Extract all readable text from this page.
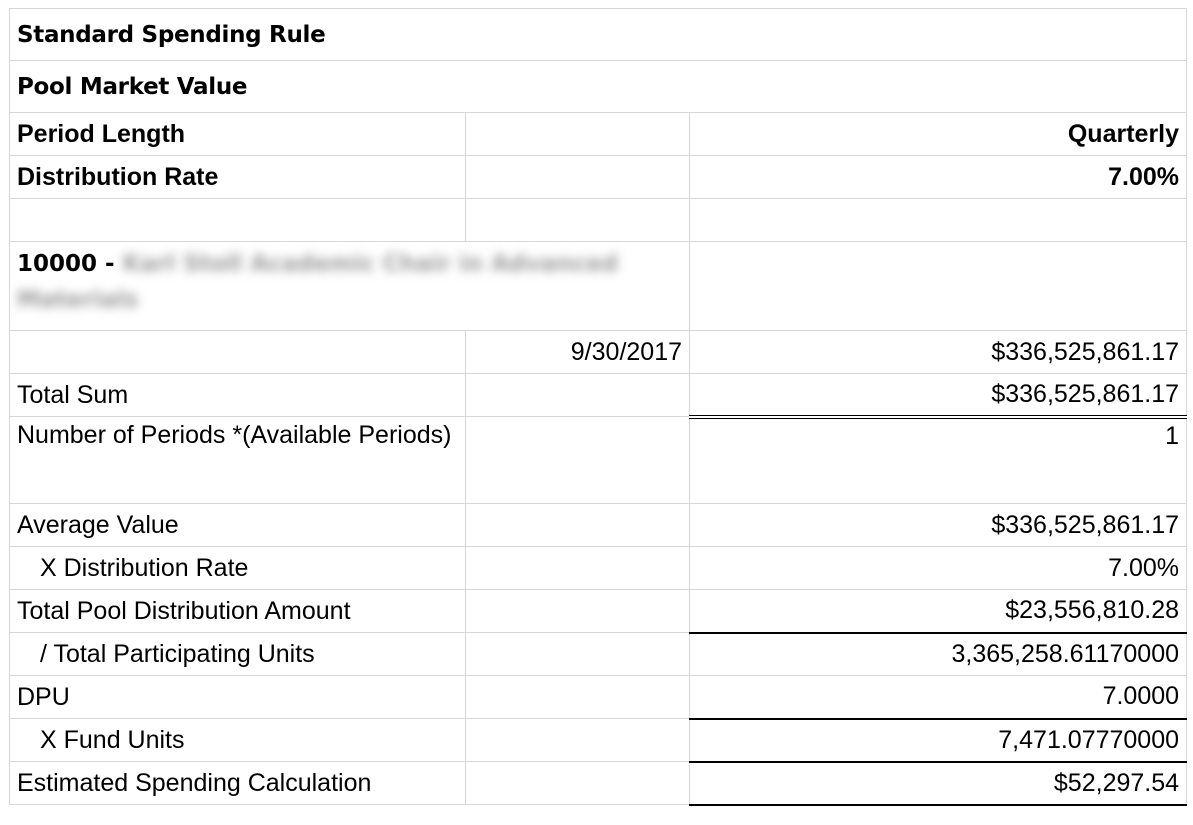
Standard Spending Rule		
Pool Market Value		
Period Length		Quarterly
Distribution Rate		7.00%

10000 - Karl Stoll Academic Chair in Advanced
Materials		
	9/30/2017	$336,525,861.17
Total Sum		$336,525,861.17
Number of Periods *(Available Periods)		1
Average Value		$336,525,861.17
X Distribution Rate		7.00%
Total Pool Distribution Amount		$23,556,810.28
/ Total Participating Units		3,365,258.61170000
DPU		7.0000
X Fund Units		7,471.07770000
Estimated Spending Calculation		$52,297.54
